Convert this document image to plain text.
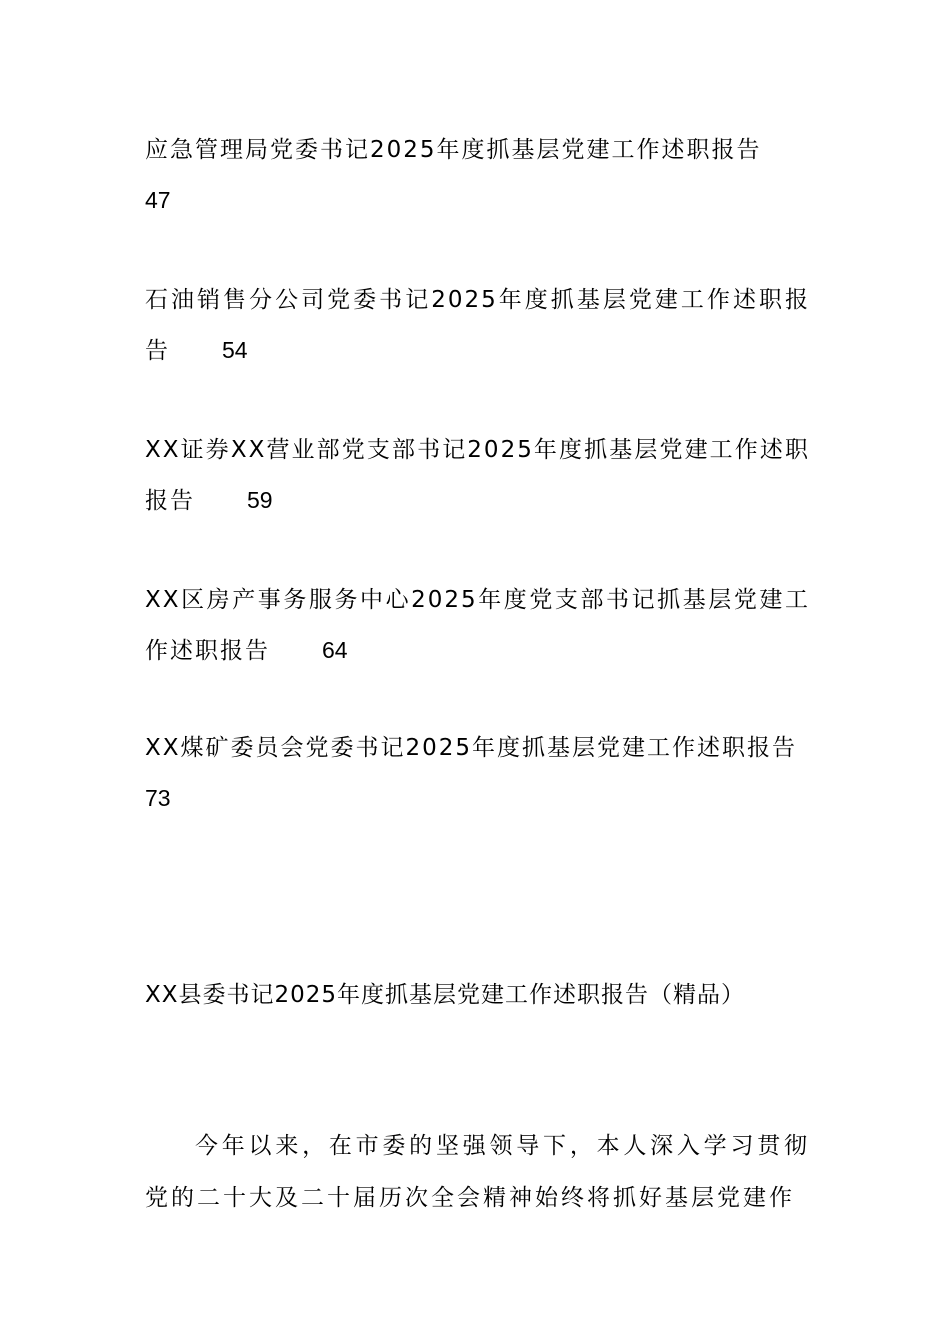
应急管理局党委书记2025年度抓基层党建工作述职报告
47
石油销售分公司党委书记2025年度抓基层党建工作述职报告 54
XX证券XX营业部党支部书记2025年度抓基层党建工作述职报告 59
XX区房产事务服务中心2025年度党支部书记抓基层党建工作述职报告 64
XX煤矿委员会党委书记2025年度抓基层党建工作述职报告
73
XX县委书记2025年度抓基层党建工作述职报告（精品）
今年以来，在市委的坚强领导下，本人深入学习贯彻党的二十大及二十届历次全会精神始终将抓好基层党建作
